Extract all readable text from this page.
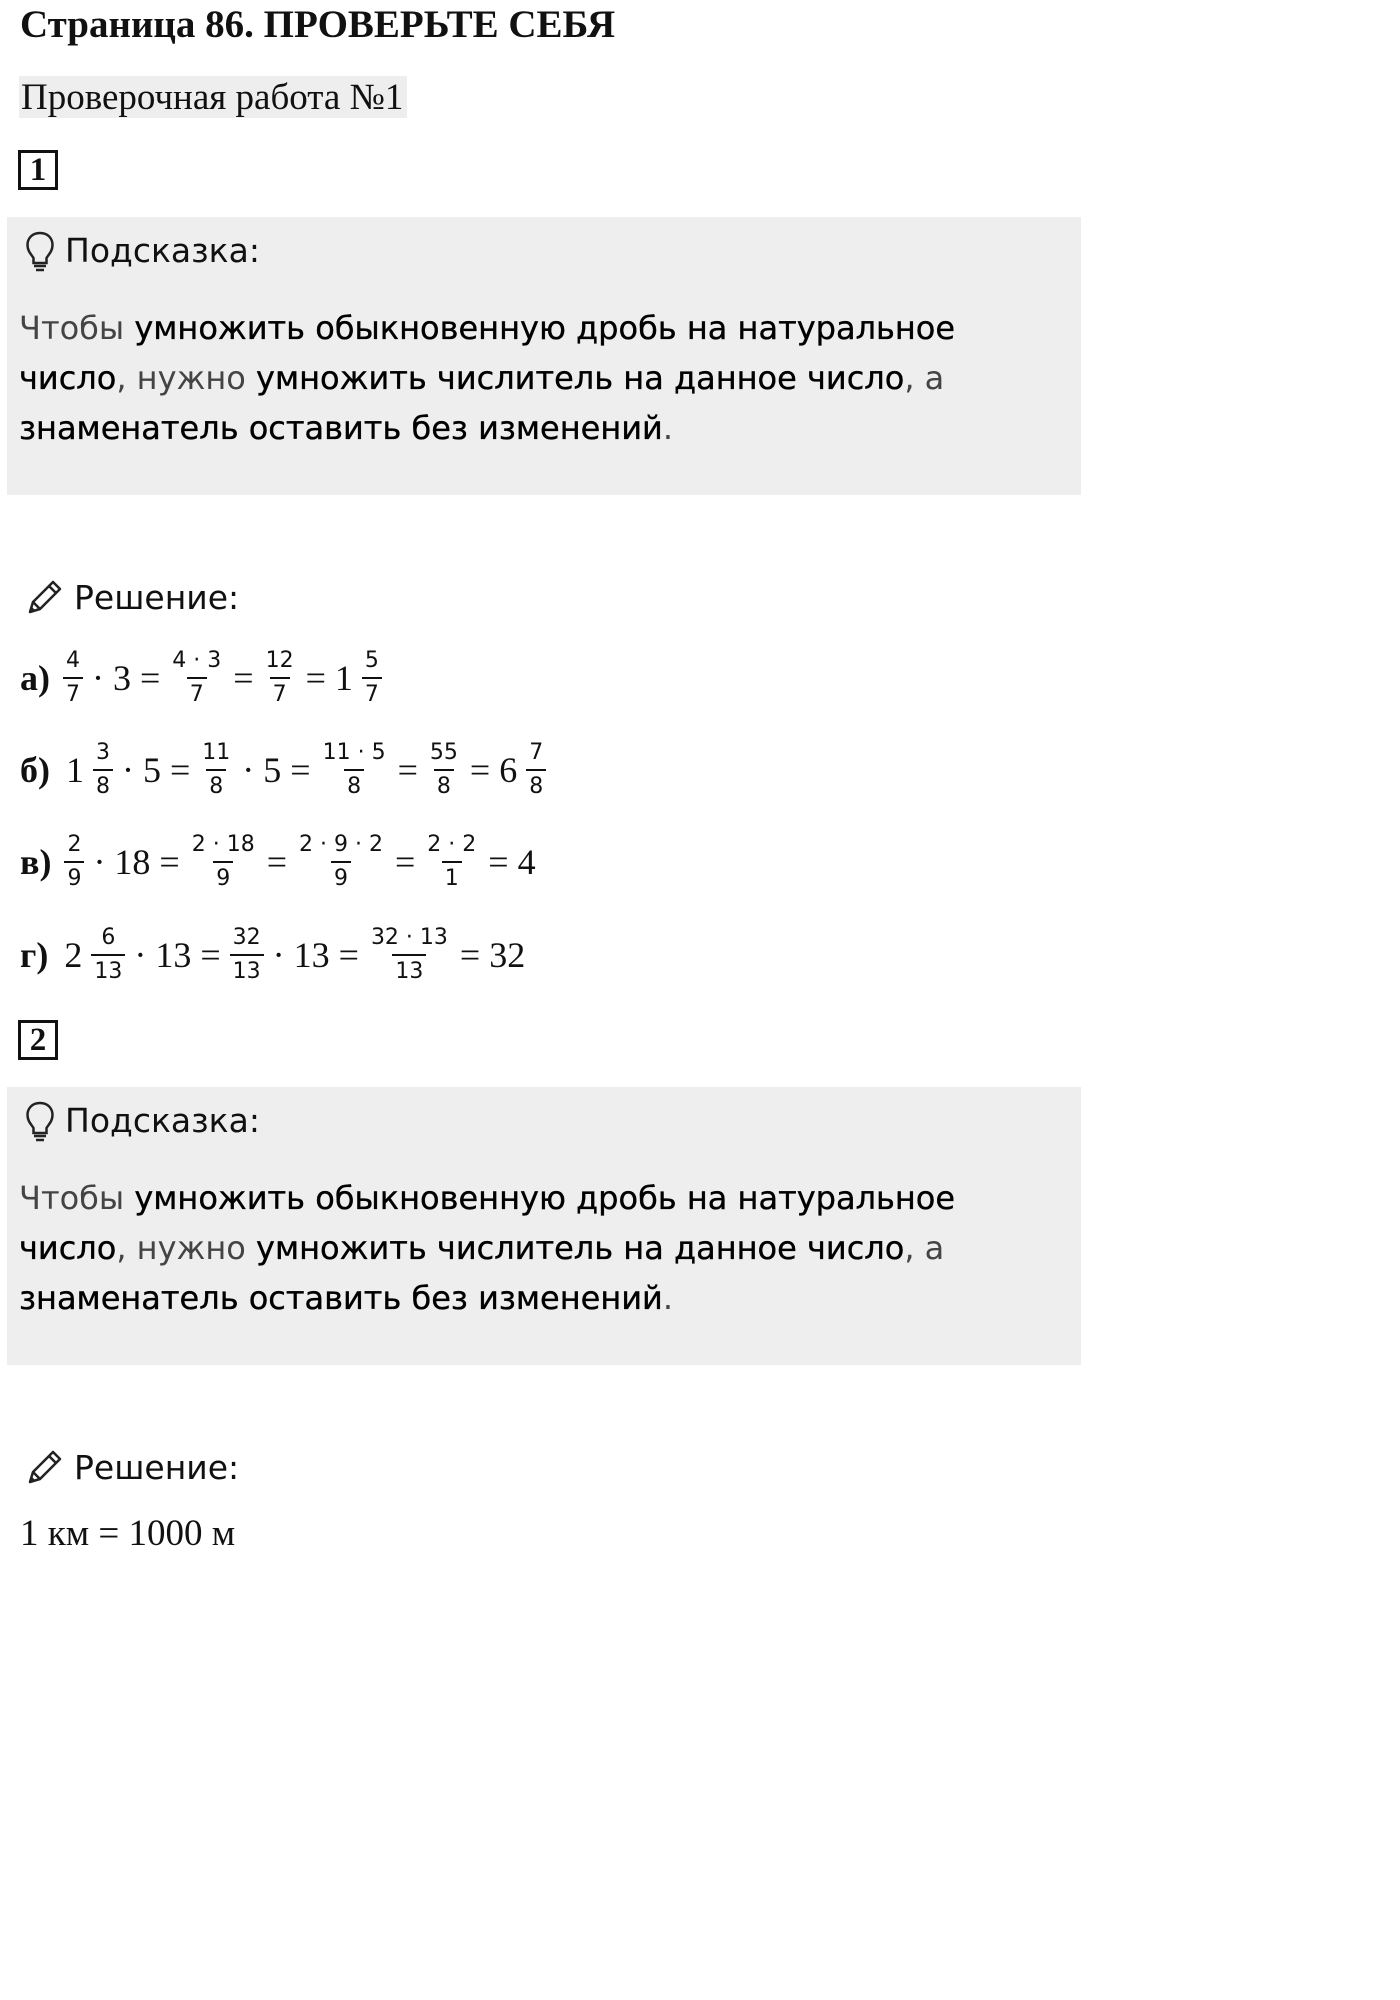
Страница 86. ПРОВЕРЬТЕ СЕБЯ
Проверочная работа №1
1
Подсказка:
Чтобы умножить обыкновенную дробь на натуральное число, нужно умножить числитель на данное число, а знаменатель оставить без изменений.
Решение:
$а) \frac{4}{7} \cdot 3 = \frac{4 \cdot 3}{7} = \frac{12}{7} = 1 \frac{5}{7}$
б) $1 \frac{3}{8} \cdot 5 = \frac{11}{8} \cdot 5 = \frac{11 \cdot 5}{8} = \frac{55}{8} = 6 \frac{7}{8}$
$в) \frac{2}{9} \cdot 18 = \frac{2 \cdot 18}{9} = \frac{2 \cdot 9 \cdot 2}{9} = \frac{2 \cdot 2}{1} = 4$
г) $2 \frac{6}{13} \cdot 13 = \frac{32}{13} \cdot 13 = \frac{32 \cdot 13}{13} = 32$
2
Подсказка:
Чтобы умножить обыкновенную дробь на натуральное число, нужно умножить числитель на данное число, а знаменатель оставить без изменений.
Решение:
1 км = 1000 м
